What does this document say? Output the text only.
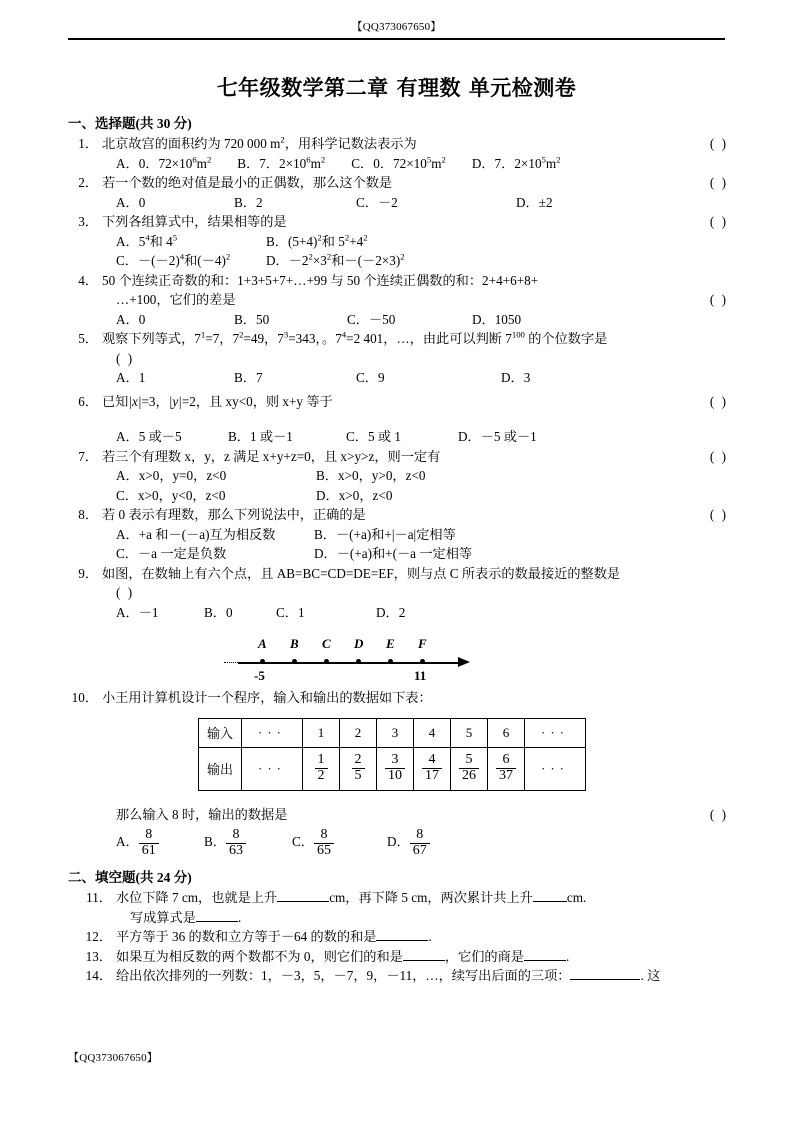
【QQ373067650】
七年级数学第二章 有理数 单元检测卷
一、选择题(共 30 分)
1．	( )
北京故宫的面积约为 720 000 $m^2$，用科学记数法表示为
A．0．$72\times 10^6m^2$ B．7．$2\times 10^6m^2$ C．0．$72\times 10^5m^2$ D．7．$2\times 10^5m^2$
2．	( )
若一个数的绝对值是最小的正偶数，那么这个数是
A．0	B．2	C．－2	D．±2
3．	( )
下列各组算式中，结果相等的是
A．$5^4$和 $4^5$	B．$(5+4)^2$和 $5^2+4^2$
C．$-(-2)^4$和$(-4)^2$	D．$-2^2\times 3^2$和$-(-2\times 3)^2$
4． 50 个连续正奇数的和：1+3+5+7+…+99 与 50 个连续正偶数的和：2+4+6+8+
( )
…+100，它们的差是
A．0	B．50	C．－50	D．1050
5． 观察下列等式，$7^1=7$，$7^2=49$，$7^3=343$，。$7^4=2$ 401，…，由此可以判断 $7^{100}$ 的个位数字是
( )
A．1	B．7	C．9	D．3
6．	( )
已知|x|=3，|y|=2，且 xy<0，则 x+y 等于
A．5 或－5	B．1 或－1	C．5 或 1	D．－5 或－1
7．	( )
若三个有理数 x，y，z 满足 x+y+z=0，且 x>y>z，则一定有
A．x>0，y=0，z<0	B．x>0，y>0，z<0
C．x>0，y<0，z<0	D．x>0，z<0
8．	( )
若 0 表示有理数，那么下列说法中，正确的是
A．+a 和－(－a)互为相反数	B．－(+a)和+|－a|定相等
C．－a 一定是负数	D．－(+a)和+(－a 一定相等
9． 如图，在数轴上有六个点，且 AB=BC=CD=DE=EF，则与点 C 所表示的数最接近的整数是
( )
A．－1	B．0	C．1	D．2
A B C D E F
-5	11
10． 小王用计算机设计一个程序，输入和输出的数据如下表：
输入	···	1	2	3	4	5	6	···
输出	···	$\frac{1}{2}$	$\frac{2}{5}$	$\frac{3}{10}$	$\frac{4}{17}$	$\frac{5}{26}$	$\frac{6}{37}$	···
( )
那么输入 8 时，输出的数据是
A． $\frac{8}{61}$	B． $\frac{8}{63}$	C． $\frac{8}{65}$	D． $\frac{8}{67}$
二、填空题(共 24 分)
11． 水位下降 7 cm，也就是上升	cm，再下降 5 cm，两次累计共上升	cm.
写成算式是	.
12． 平方等于 36 的数和立方等于－64 的数的和是	.
13． 如果互为相反数的两个数都不为 0，则它们的和是	，它们的商是	.
14． 给出依次排列的一列数：1，－3，5，－7，9，－11，…，续写出后面的三项：	. 这
【QQ373067650】
